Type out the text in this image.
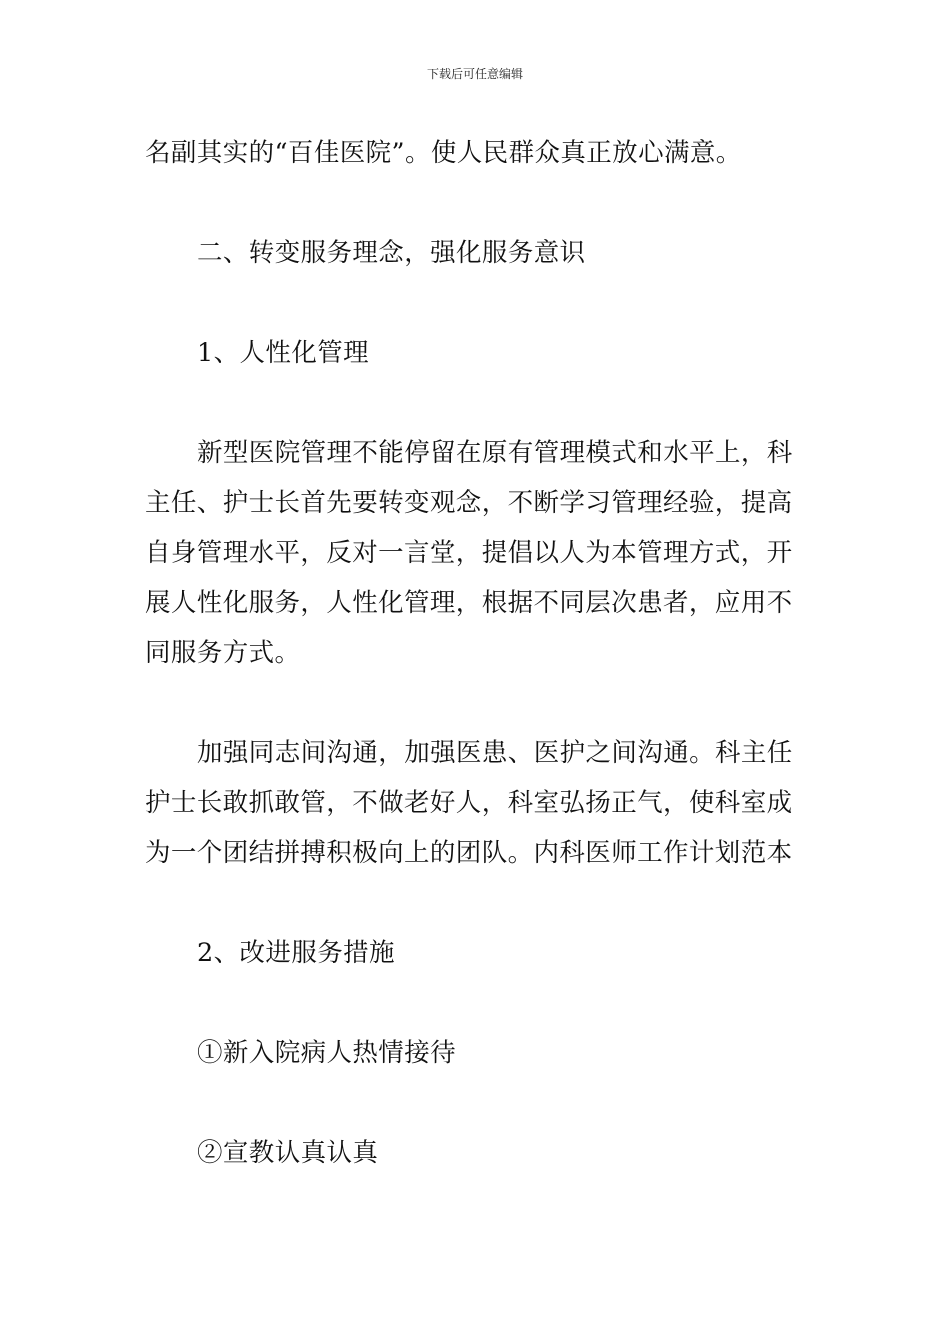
下载后可任意编辑

名副其实的“百佳医院”。使人民群众真正放心满意。

二、转变服务理念，强化服务意识

1、人性化管理

新型医院管理不能停留在原有管理模式和水平上，科主任、护士长首先要转变观念，不断学习管理经验，提高自身管理水平，反对一言堂，提倡以人为本管理方式，开展人性化服务，人性化管理，根据不同层次患者，应用不同服务方式。

加强同志间沟通，加强医患、医护之间沟通。科主任护士长敢抓敢管，不做老好人，科室弘扬正气，使科室成为一个团结拼搏积极向上的团队。内科医师工作计划范本

2、改进服务措施

①新入院病人热情接待

②宣教认真认真
